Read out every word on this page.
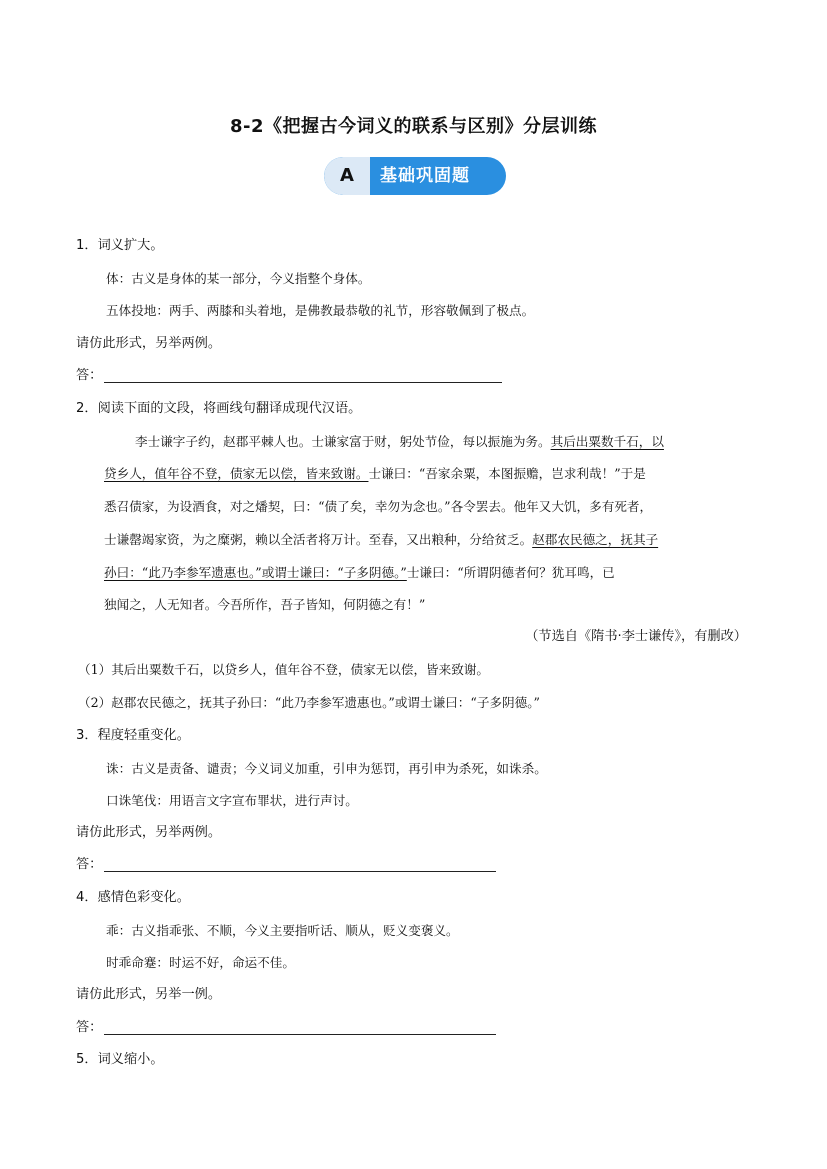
8-2《把握古今词义的联系与区别》分层训练
A	基础巩固题
1．词义扩大。
体：古义是身体的某一部分，今义指整个身体。
五体投地：两手、两膝和头着地，是佛教最恭敬的礼节，形容敬佩到了极点。
请仿此形式，另举两例。
答：
2．阅读下面的文段，将画线句翻译成现代汉语。
李士谦字子约，赵郡平棘人也。士谦家富于财，躬处节俭，每以振施为务。其后出粟数千石，以
贷乡人，值年谷不登，债家无以偿，皆来致谢。士谦曰：“吾家余粟，本图振赡，岂求利哉！”于是
悉召债家，为设酒食，对之燔契，曰：“债了矣，幸勿为念也。”各令罢去。他年又大饥，多有死者，
士谦罄竭家资，为之糜粥，赖以全活者将万计。至春，又出粮种，分给贫乏。赵郡农民德之，抚其子
孙曰：“此乃李参军遗惠也。”或谓士谦曰：“子多阴德。”士谦曰：“所谓阴德者何？犹耳鸣，已
独闻之，人无知者。今吾所作，吾子皆知，何阴德之有！”
（节选自《隋书·李士谦传》，有删改）
（1）其后出粟数千石，以贷乡人，值年谷不登，债家无以偿，皆来致谢。
（2）赵郡农民德之，抚其子孙曰：“此乃李参军遗惠也。”或谓士谦曰：“子多阴德。”
3．程度轻重变化。
诛：古义是责备、谴责；今义词义加重，引申为惩罚，再引申为杀死，如诛杀。
口诛笔伐：用语言文字宣布罪状，进行声讨。
请仿此形式，另举两例。
答：
4．感情色彩变化。
乖：古义指乖张、不顺，今义主要指听话、顺从，贬义变褒义。
时乖命蹇：时运不好，命运不佳。
请仿此形式，另举一例。
答：
5．词义缩小。
